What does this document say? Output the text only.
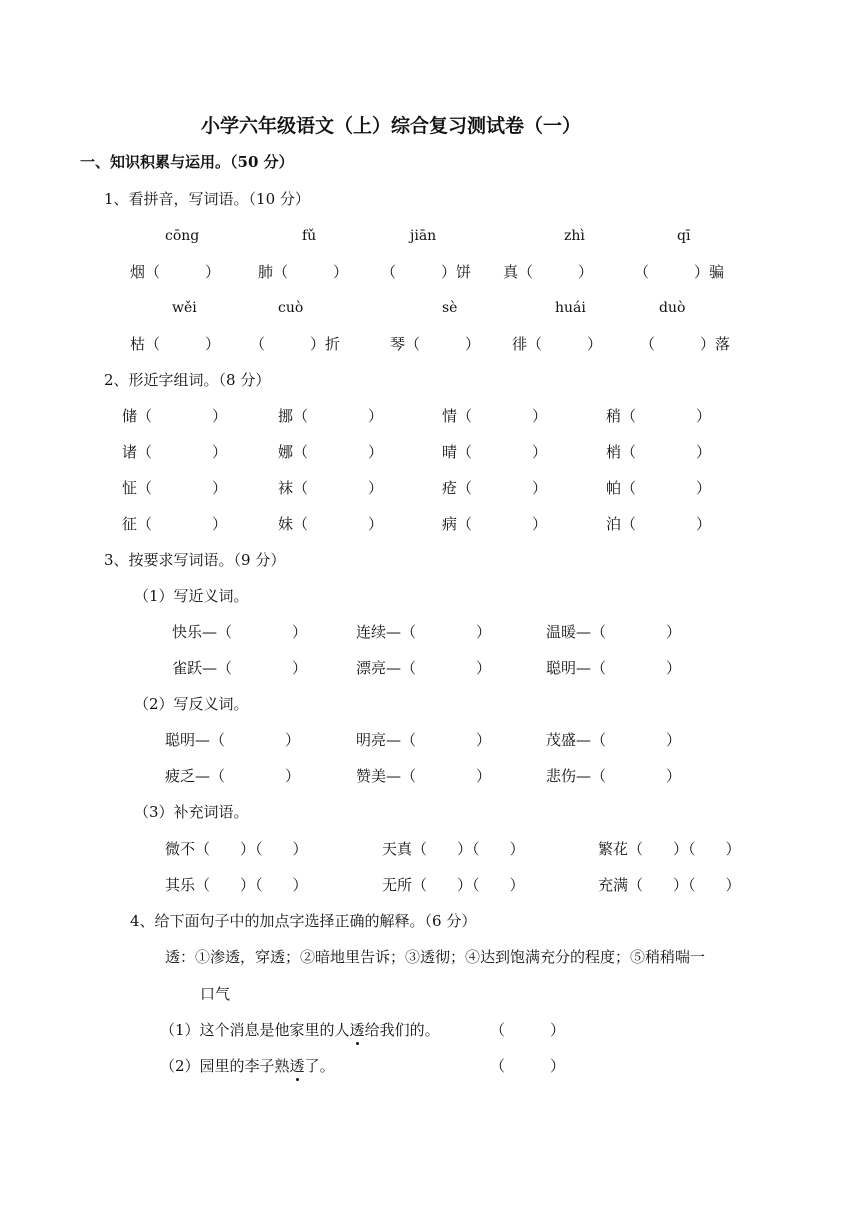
小学六年级语文（上）综合复习测试卷（一）
一、知识积累与运用。（50 分）
1、看拼音，写词语。（10 分）
cōng	fǔ	jiān	zhì	qī
烟（　　　）	肺（　　　） （　　　）饼 真（　　　）	（　　　）骗
wěi	cuò	sè	huái	duò
枯（　　　） （　　　）折	琴（　　　） 徘（　　　）	（　　　）落
2、形近字组词。（8 分）
储（　　　　）	挪（　　　　）	情（　　　　）	稍（　　　　）
诸（　　　　）	娜（　　　　）	晴（　　　　）	梢（　　　　）
怔（　　　　）	袜（　　　　）	疮（　　　　）	帕（　　　　）
征（　　　　）	妹（　　　　）	病（　　　　）	泊（　　　　）
3、按要求写词语。（9 分）
（1）写近义词。
快乐—（　　　　）	连续—（　　　　）	温暖—（　　　　）
雀跃—（　　　　）	漂亮—（　　　　）	聪明—（　　　　）
（2）写反义词。
聪明—（　　　　）	明亮—（　　　　）	茂盛—（　　　　）
疲乏—（　　　　）	赞美—（　　　　）	悲伤—（　　　　）
（3）补充词语。
微不（　　）（　　）	天真（　　）（　　）	繁花（　　）（　　）
其乐（　　）（　　）	无所（　　）（　　）	充满（　　）（　　）
4、给下面句子中的加点字选择正确的解释。（6 分）
透：①渗透，穿透；②暗地里告诉；③透彻；④达到饱满充分的程度；⑤稍稍喘一
口气
（1）这个消息是他家里的人透给我们的。	（　　　）
（2）园里的李子熟透了。	（　　　）
